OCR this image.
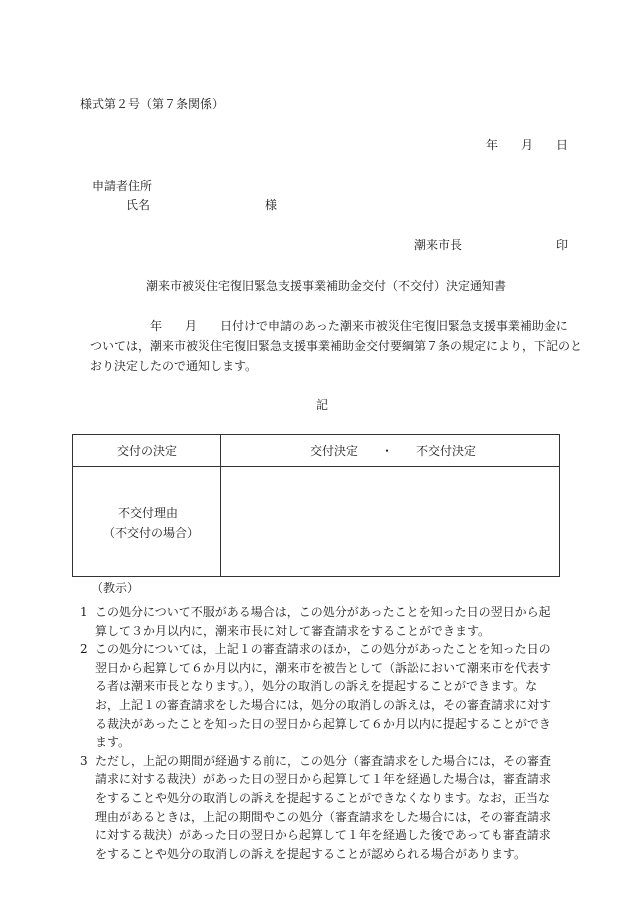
様式第２号（第７条関係）
年 月 日
申請者住所
氏名	様
潮来市長	印
潮来市被災住宅復旧緊急支援事業補助金交付（不交付）決定通知書
年 月 日付けで申請のあった潮来市被災住宅復旧緊急支援事業補助金に
ついては，潮来市被災住宅復旧緊急支援事業補助金交付要綱第７条の規定により，下記のと
おり決定したので通知します。
記
交付の決定	交付決定 ・ 不交付決定
不交付理由
（不交付の場合）
（教示）

1 この処分について不服がある場合は，この処分があったことを知った日の翌日から起算して３か月以内に，潮来市長に対して審査請求をすることができます。

2 この処分については，上記１の審査請求のほか，この処分があったことを知った日の翌日から起算して６か月以内に，潮来市を被告として（訴訟において潮来市を代表する者は潮来市長となります。），処分の取消しの訴えを提起することができます。なお，上記１の審査請求をした場合には，処分の取消しの訴えは，その審査請求に対する裁決があったことを知った日の翌日から起算して６か月以内に提起することができます。

3 ただし，上記の期間が経過する前に，この処分（審査請求をした場合には，その審査請求に対する裁決）があった日の翌日から起算して１年を経過した場合は，審査請求をすることや処分の取消しの訴えを提起することができなくなります。なお，正当な理由があるときは，上記の期間やこの処分（審査請求をした場合には，その審査請求に対する裁決）があった日の翌日から起算して１年を経過した後であっても審査請求をすることや処分の取消しの訴えを提起することが認められる場合があります。
